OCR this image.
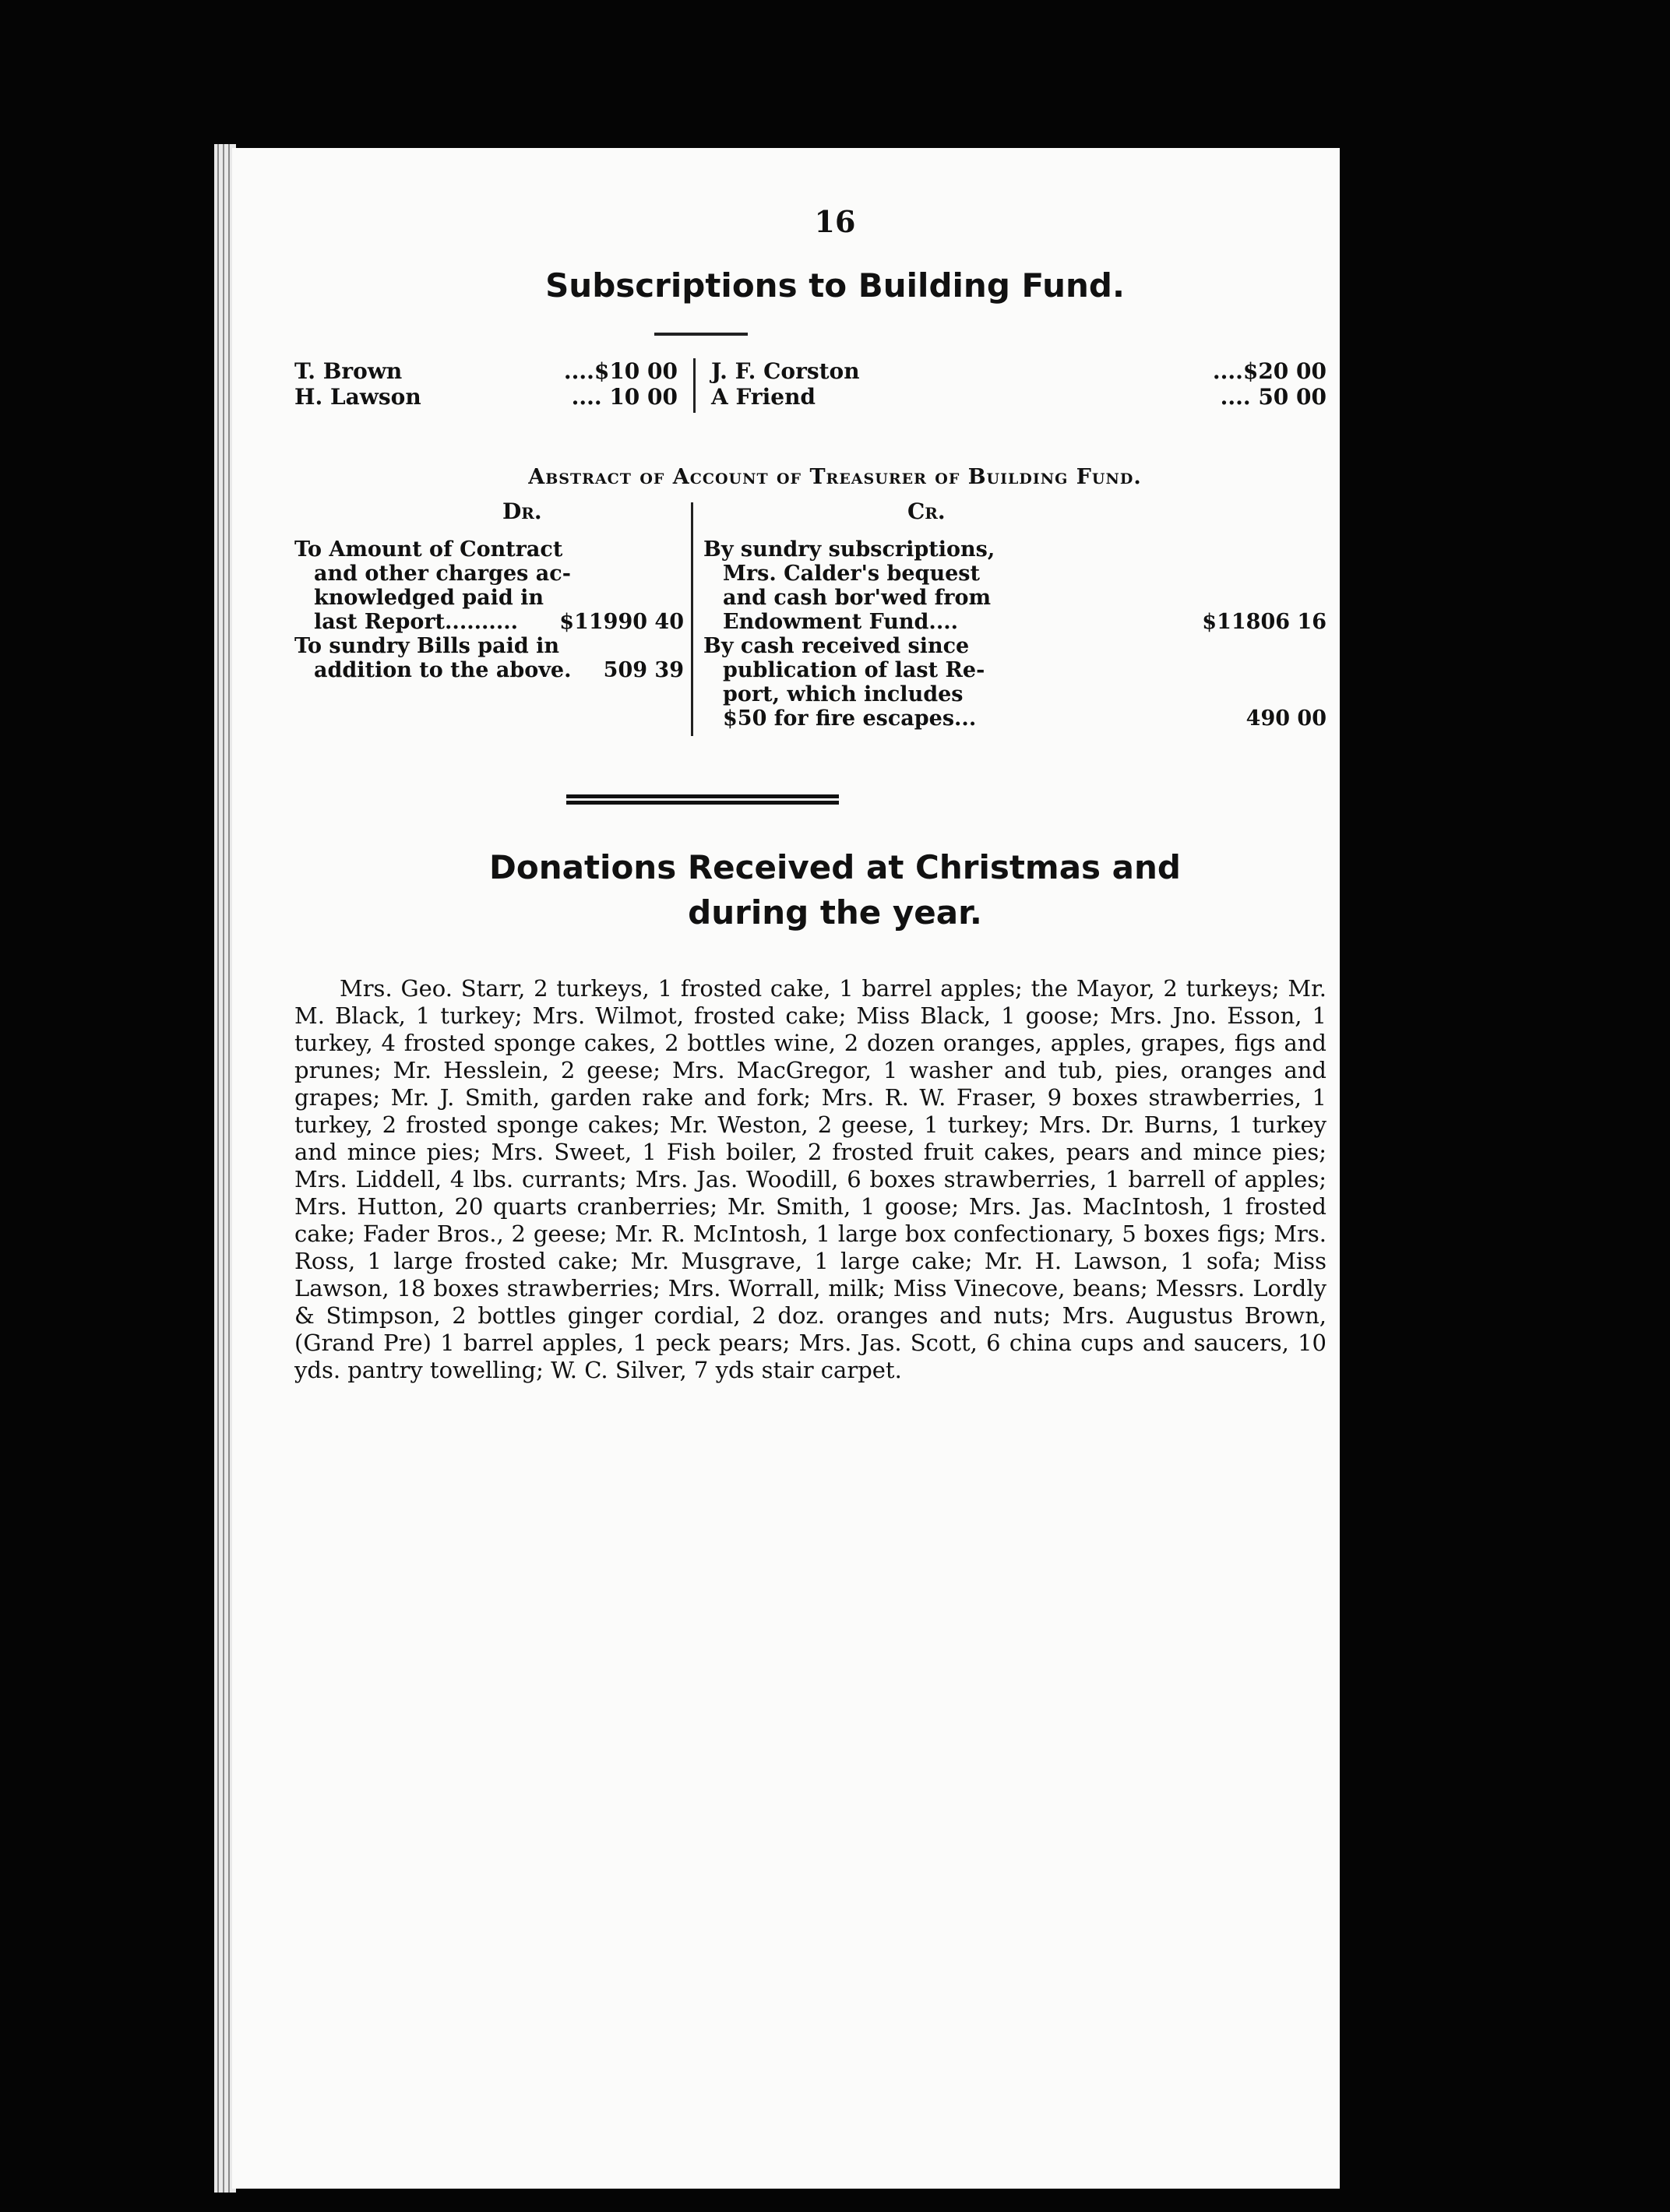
16
Subscriptions to Building Fund.
T. Brown	....$10 00
H. Lawson	.... 10 00
J. F. Corston	....$20 00
A Friend	.... 50 00
Abstract of Account of Treasurer of Building Fund.
Dr.	Cr.
To Amount of Contract
and other charges ac-
knowledged paid in
last Report..........	$11990 40
To sundry Bills paid in
addition to the above.	509 39
By sundry subscriptions,
Mrs. Calder's bequest
and cash bor'wed from
Endowment Fund....	$11806 16
By cash received since
publication of last Re-
port, which includes
$50 for fire escapes...	490 00
Donations Received at Christmas and
during the year.
Mrs. Geo. Starr, 2 turkeys, 1 frosted cake, 1 barrel apples; the Mayor, 2 turkeys; Mr. M. Black, 1 turkey; Mrs. Wilmot, frosted cake; Miss Black, 1 goose; Mrs. Jno. Esson, 1 turkey, 4 frosted sponge cakes, 2 bottles wine, 2 dozen oranges, apples, grapes, figs and prunes; Mr. Hesslein, 2 geese; Mrs. MacGregor, 1 washer and tub, pies, oranges and grapes; Mr. J. Smith, garden rake and fork; Mrs. R. W. Fraser, 9 boxes strawberries, 1 turkey, 2 frosted sponge cakes; Mr. Weston, 2 geese, 1 turkey; Mrs. Dr. Burns, 1 turkey and mince pies; Mrs. Sweet, 1 Fish boiler, 2 frosted fruit cakes, pears and mince pies; Mrs. Liddell, 4 lbs. currants; Mrs. Jas. Woodill, 6 boxes strawberries, 1 barrell of apples; Mrs. Hutton, 20 quarts cranberries; Mr. Smith, 1 goose; Mrs. Jas. MacIntosh, 1 frosted cake; Fader Bros., 2 geese; Mr. R. McIntosh, 1 large box confectionary, 5 boxes figs; Mrs. Ross, 1 large frosted cake; Mr. Musgrave, 1 large cake; Mr. H. Lawson, 1 sofa; Miss Lawson, 18 boxes strawberries; Mrs. Worrall, milk; Miss Vinecove, beans; Messrs. Lordly & Stimpson, 2 bottles ginger cordial, 2 doz. oranges and nuts; Mrs. Augustus Brown, (Grand Pre) 1 barrel apples, 1 peck pears; Mrs. Jas. Scott, 6 china cups and saucers, 10 yds. pantry towelling; W. C. Silver, 7 yds stair carpet.
